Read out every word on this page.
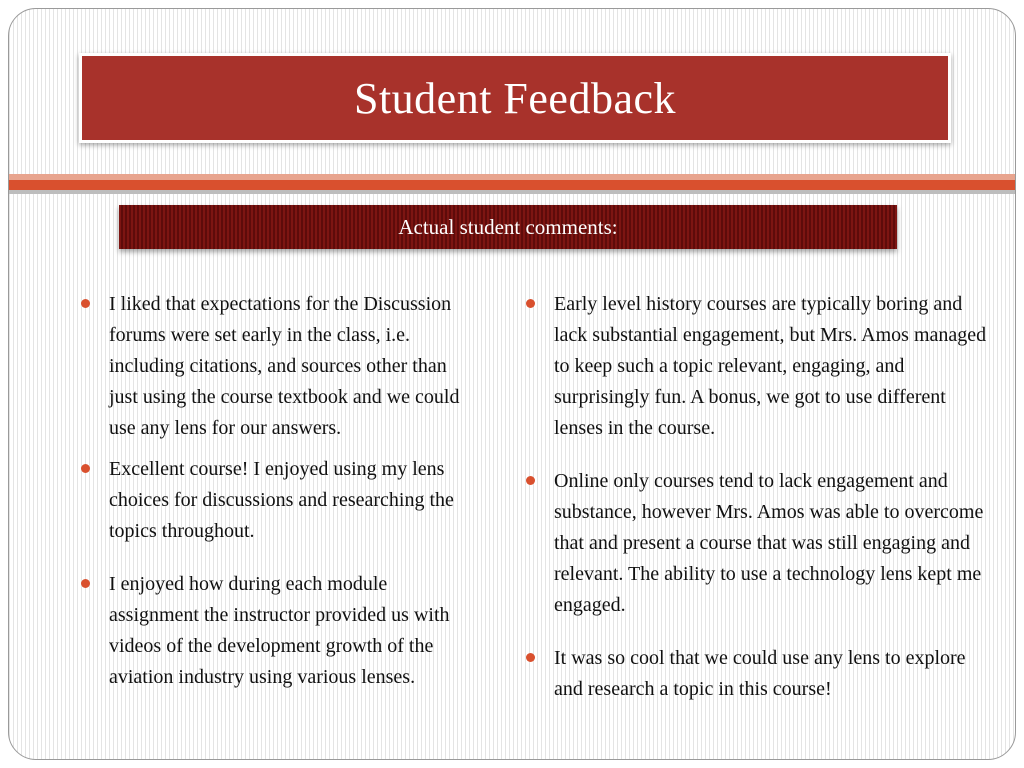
Student Feedback
Actual student comments:
I liked that expectations for the Discussion forums were set early in the class, i.e. including citations, and sources other than just using the course textbook and we could use any lens for our answers.
Excellent course! I enjoyed using my lens choices for discussions and researching the topics throughout.
I enjoyed how during each module assignment the instructor provided us with videos of the development growth of the aviation industry using various lenses.
Early level history courses are typically boring and lack substantial engagement, but Mrs. Amos managed to keep such a topic relevant, engaging, and surprisingly fun. A bonus, we got to use different lenses in the course.
Online only courses tend to lack engagement and substance, however Mrs. Amos was able to overcome that and present a course that was still engaging and relevant. The ability to use a technology lens kept me engaged.
It was so cool that we could use any lens to explore and research a topic in this course!
